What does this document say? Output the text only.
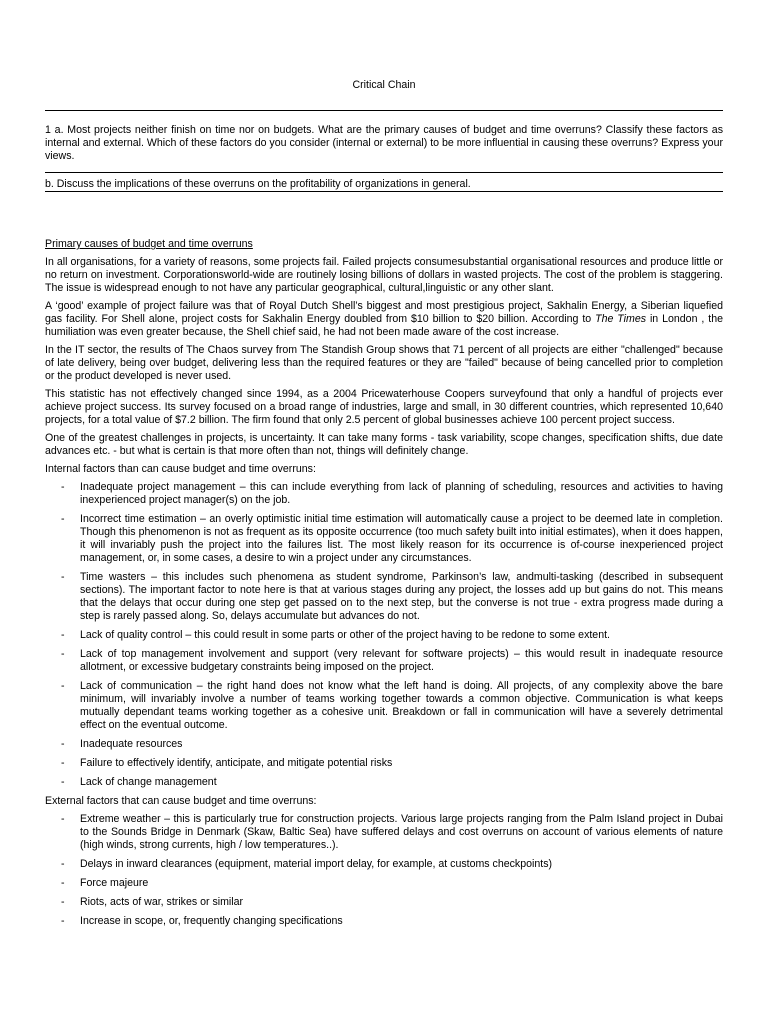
Critical Chain
1 a. Most projects neither finish on time nor on budgets. What are the primary causes of budget and time overruns? Classify these factors as internal and external. Which of these factors do you consider (internal or external) to be more influential in causing these overruns? Express your views.
b. Discuss the implications of these overruns on the profitability of organizations in general.
Primary causes of budget and time overruns

In all organisations, for a variety of reasons, some projects fail. Failed projects consumesubstantial organisational resources and produce little or no return on investment. Corporationsworld-wide are routinely losing billions of dollars in wasted projects. The cost of the problem is staggering. The issue is widespread enough to not have any particular geographical, cultural,linguistic or any other slant.

A ‘good’ example of project failure was that of Royal Dutch Shell’s biggest and most prestigious project, Sakhalin Energy, a Siberian liquefied gas facility. For Shell alone, project costs for Sakhalin Energy doubled from $10 billion to $20 billion. According to The Times in London , the humiliation was even greater because, the Shell chief said, he had not been made aware of the cost increase.

In the IT sector, the results of The Chaos survey from The Standish Group shows that 71 percent of all projects are either "challenged" because of late delivery, being over budget, delivering less than the required features or they are "failed" because of being cancelled prior to completion or the product developed is never used.

This statistic has not effectively changed since 1994, as a 2004 Pricewaterhouse Coopers surveyfound that only a handful of projects ever achieve project success. Its survey focused on a broad range of industries, large and small, in 30 different countries, which represented 10,640 projects, for a total value of $7.2 billion. The firm found that only 2.5 percent of global businesses achieve 100 percent project success.

One of the greatest challenges in projects, is uncertainty. It can take many forms - task variability, scope changes, specification shifts, due date advances etc. - but what is certain is that more often than not, things will definitely change.

Internal factors than can cause budget and time overruns:

- Inadequate project management – this can include everything from lack of planning of scheduling, resources and activities to having inexperienced project manager(s) on the job.
- Incorrect time estimation – an overly optimistic initial time estimation will automatically cause a project to be deemed late in completion. Though this phenomenon is not as frequent as its opposite occurrence (too much safety built into initial estimates), when it does happen, it will invariably push the project into the failures list. The most likely reason for its occurrence is of-course inexperienced project management, or, in some cases, a desire to win a project under any circumstances.
- Time wasters – this includes such phenomena as student syndrome, Parkinson’s law, andmulti-tasking (described in subsequent sections). The important factor to note here is that at various stages during any project, the losses add up but gains do not. This means that the delays that occur during one step get passed on to the next step, but the converse is not true - extra progress made during a step is rarely passed along. So, delays accumulate but advances do not.
- Lack of quality control – this could result in some parts or other of the project having to be redone to some extent.
- Lack of top management involvement and support (very relevant for software projects) – this would result in inadequate resource allotment, or excessive budgetary constraints being imposed on the project.
- Lack of communication – the right hand does not know what the left hand is doing. All projects, of any complexity above the bare minimum, will invariably involve a number of teams working together towards a common objective. Communication is what keeps mutually dependant teams working together as a cohesive unit. Breakdown or fall in communication will have a severely detrimental effect on the eventual outcome.
- Inadequate resources
- Failure to effectively identify, anticipate, and mitigate potential risks
- Lack of change management

External factors that can cause budget and time overruns:

- Extreme weather – this is particularly true for construction projects. Various large projects ranging from the Palm Island project in Dubai to the Sounds Bridge in Denmark (Skaw, Baltic Sea) have suffered delays and cost overruns on account of various elements of nature (high winds, strong currents, high / low temperatures..).
- Delays in inward clearances (equipment, material import delay, for example, at customs checkpoints)
- Force majeure
- Riots, acts of war, strikes or similar
- Increase in scope, or, frequently changing specifications
